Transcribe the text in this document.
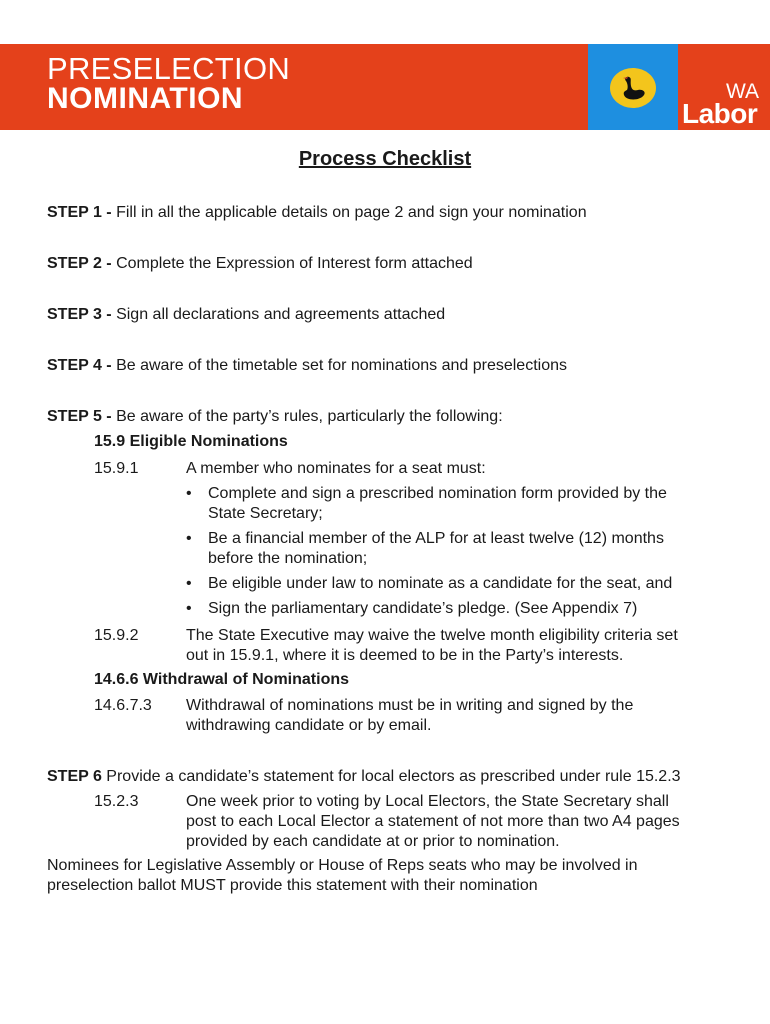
PRESELECTION
NOMINATION	WA
Labor
Process Checklist
STEP 1 - Fill in all the applicable details on page 2 and sign your nomination
STEP 2 - Complete the Expression of Interest form attached
STEP 3 - Sign all declarations and agreements attached
STEP 4 - Be aware of the timetable set for nominations and preselections
STEP 5 - Be aware of the party’s rules, particularly the following:
15.9 Eligible Nominations
15.9.1	A member who nominates for a seat must:
• Complete and sign a prescribed nomination form provided by the
State Secretary;
• Be a financial member of the ALP for at least twelve (12) months
before the nomination;
• Be eligible under law to nominate as a candidate for the seat, and
• Sign the parliamentary candidate’s pledge. (See Appendix 7)
15.9.2	The State Executive may waive the twelve month eligibility criteria set
out in 15.9.1, where it is deemed to be in the Party’s interests.
14.6.6 Withdrawal of Nominations
14.6.7.3 Withdrawal of nominations must be in writing and signed by the
withdrawing candidate or by email.
STEP 6 Provide a candidate’s statement for local electors as prescribed under rule 15.2.3
15.2.3	One week prior to voting by Local Electors, the State Secretary shall
post to each Local Elector a statement of not more than two A4 pages
provided by each candidate at or prior to nomination.
Nominees for Legislative Assembly or House of Reps seats who may be involved in
preselection ballot MUST provide this statement with their nomination
